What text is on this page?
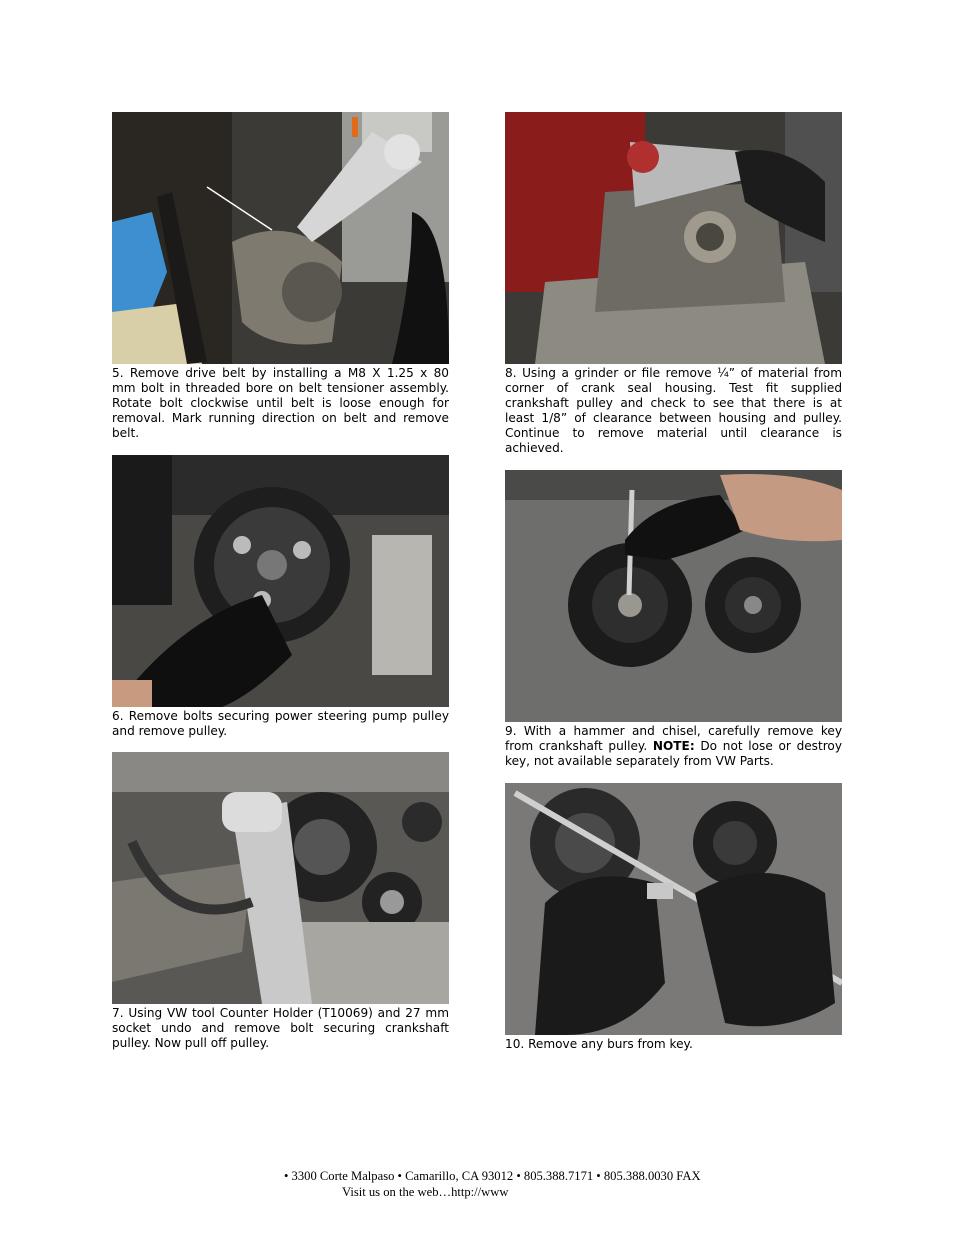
5. Remove drive belt by installing a M8 X 1.25 x 80 mm bolt in threaded bore on belt tensioner assembly. Rotate bolt clockwise until belt is loose enough for removal. Mark running direction on belt and remove belt.

6. Remove bolts securing power steering pump pulley and remove pulley.

7. Using VW tool Counter Holder (T10069) and 27 mm socket undo and remove bolt securing crankshaft pulley. Now pull off pulley.

8. Using a grinder or file remove ¼” of material from corner of crank seal housing. Test fit supplied crankshaft pulley and check to see that there is at least 1/8” of clearance between housing and pulley. Continue to remove material until clearance is achieved.

9. With a hammer and chisel, carefully remove key from crankshaft pulley. NOTE: Do not lose or destroy key, not available separately from VW Parts.

10. Remove any burs from key.

• 3300 Corte Malpaso • Camarillo, CA 93012 • 805.388.7171 • 805.388.0030 FAX
Visit us on the web…http://www
